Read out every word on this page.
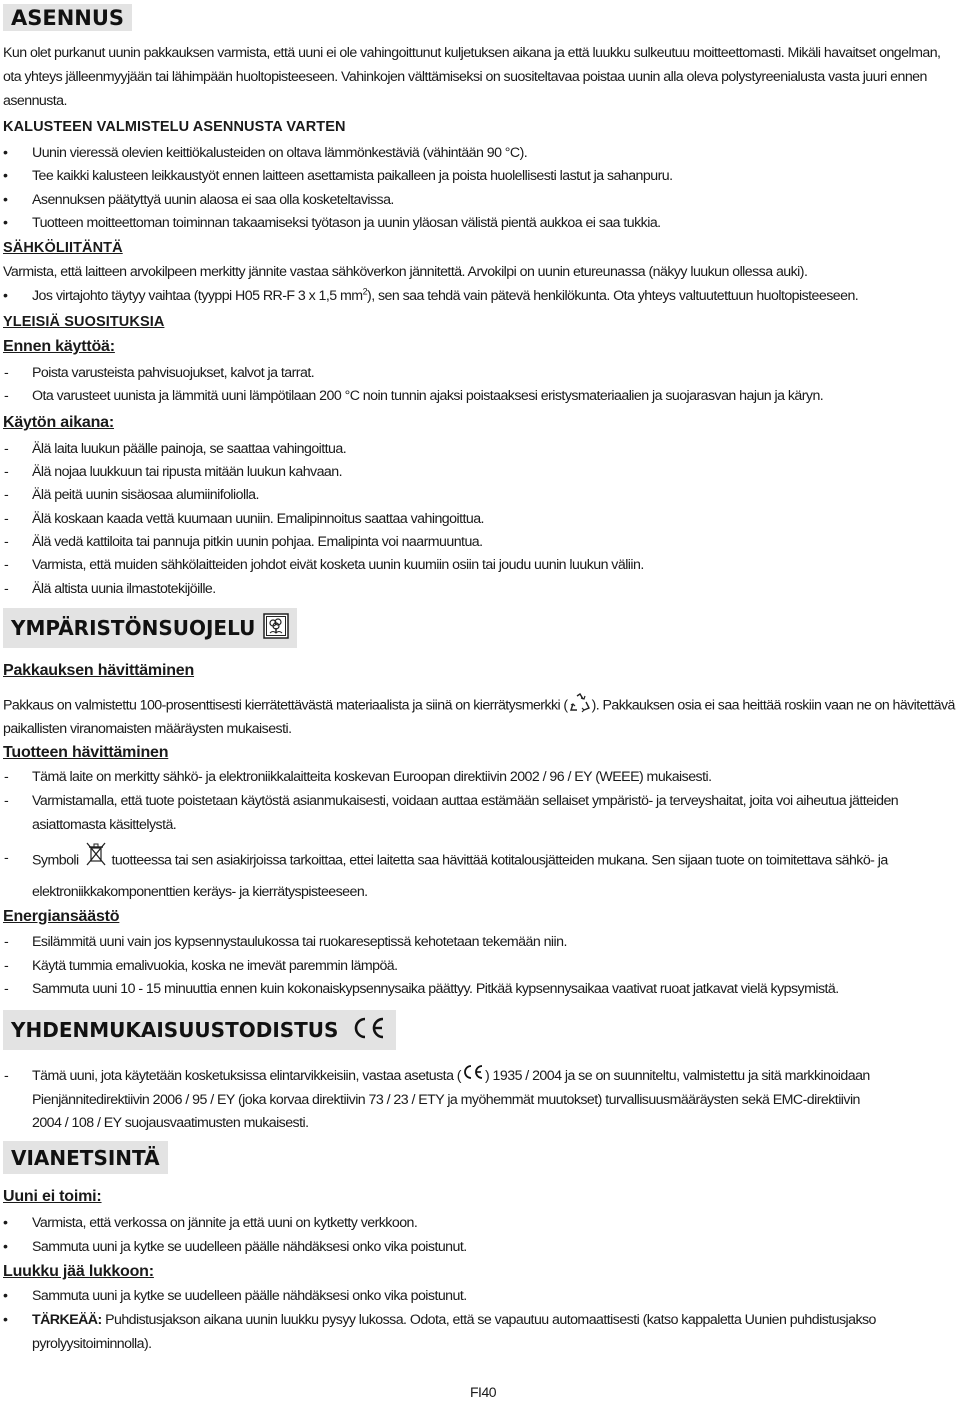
ASENNUS
Kun olet purkanut uunin pakkauksen varmista, että uuni ei ole vahingoittunut kuljetuksen aikana ja että luukku sulkeutuu moitteettomasti. Mikäli havaitset ongelman,
ota yhteys jälleenmyyjään tai lähimpään huoltopisteeseen. Vahinkojen välttämiseksi on suositeltavaa poistaa uunin alla oleva polystyreenialusta vasta juuri ennen
asennusta.
KALUSTEEN VALMISTELU ASENNUSTA VARTEN
•	Uunin vieressä olevien keittiökalusteiden on oltava lämmönkestäviä (vähintään 90 °C).
•	Tee kaikki kalusteen leikkaustyöt ennen laitteen asettamista paikalleen ja poista huolellisesti lastut ja sahanpuru.
•	Asennuksen päätyttyä uunin alaosa ei saa olla kosketeltavissa.
•	Tuotteen moitteettoman toiminnan takaamiseksi työtason ja uunin yläosan välistä pientä aukkoa ei saa tukkia.
SÄHKÖLIITÄNTÄ
Varmista, että laitteen arvokilpeen merkitty jännite vastaa sähköverkon jännitettä. Arvokilpi on uunin etureunassa (näkyy luukun ollessa auki).
•	Jos virtajohto täytyy vaihtaa (tyyppi H05 RR-F 3 x 1,5 $mm^2$), sen saa tehdä vain pätevä henkilökunta. Ota yhteys valtuutettuun huoltopisteeseen.
YLEISIÄ SUOSITUKSIA
Ennen käyttöä:
-	Poista varusteista pahvisuojukset, kalvot ja tarrat.
-	Ota varusteet uunista ja lämmitä uuni lämpötilaan 200 °C noin tunnin ajaksi poistaaksesi eristysmateriaalien ja suojarasvan hajun ja käryn.
Käytön aikana:
-	Älä laita luukun päälle painoja, se saattaa vahingoittua.
-	Älä nojaa luukkuun tai ripusta mitään luukun kahvaan.
-	Älä peitä uunin sisäosaa alumiinifoliolla.
-	Älä koskaan kaada vettä kuumaan uuniin. Emalipinnoitus saattaa vahingoittua.
-	Älä vedä kattiloita tai pannuja pitkin uunin pohjaa. Emalipinta voi naarmuuntua.
-	Varmista, että muiden sähkölaitteiden johdot eivät kosketa uunin kuumiin osiin tai joudu uunin luukun väliin.
-	Älä altista uunia ilmastotekijöille.
YMPÄRISTÖNSUOJELU
Pakkauksen hävittäminen
Pakkaus on valmistettu 100-prosenttisesti kierrätettävästä materiaalista ja siinä on kierrätysmerkki ( ). Pakkauksen osia ei saa heittää roskiin vaan ne on hävitettävä
paikallisten viranomaisten määräysten mukaisesti.
Tuotteen hävittäminen
-	Tämä laite on merkitty sähkö- ja elektroniikkalaitteita koskevan Euroopan direktiivin 2002 / 96 / EY (WEEE) mukaisesti.
-	Varmistamalla, että tuote poistetaan käytöstä asianmukaisesti, voidaan auttaa estämään sellaiset ympäristö- ja terveyshaitat, joita voi aiheutua jätteiden
asiattomasta käsittelystä.
-	Symboli tuotteessa tai sen asiakirjoissa tarkoittaa, ettei laitetta saa hävittää kotitalousjätteiden mukana. Sen sijaan tuote on toimitettava sähkö- ja
elektroniikkakomponenttien keräys- ja kierrätyspisteeseen.
Energiansäästö
-	Esilämmitä uuni vain jos kypsennystaulukossa tai ruokareseptissä kehotetaan tekemään niin.
-	Käytä tummia emalivuokia, koska ne imevät paremmin lämpöä.
-	Sammuta uuni 10 - 15 minuuttia ennen kuin kokonaiskypsennysaika päättyy. Pitkää kypsennysaikaa vaativat ruoat jatkavat vielä kypsymistä.
YHDENMUKAISUUSTODISTUS
-	Tämä uuni, jota käytetään kosketuksissa elintarvikkeisiin, vastaa asetusta ( ) 1935 / 2004 ja se on suunniteltu, valmistettu ja sitä markkinoidaan
Pienjännitedirektiivin 2006 / 95 / EY (joka korvaa direktiivin 73 / 23 / ETY ja myöhemmät muutokset) turvallisuusmääräysten sekä EMC-direktiivin
2004 / 108 / EY suojausvaatimusten mukaisesti.
VIANETSINTÄ
Uuni ei toimi:
•	Varmista, että verkossa on jännite ja että uuni on kytketty verkkoon.
•	Sammuta uuni ja kytke se uudelleen päälle nähdäksesi onko vika poistunut.
Luukku jää lukkoon:
•	Sammuta uuni ja kytke se uudelleen päälle nähdäksesi onko vika poistunut.
•	TÄRKEÄÄ: Puhdistusjakson aikana uunin luukku pysyy lukossa. Odota, että se vapautuu automaattisesti (katso kappaletta Uunien puhdistusjakso
pyrolyysitoiminnolla).
FI40
